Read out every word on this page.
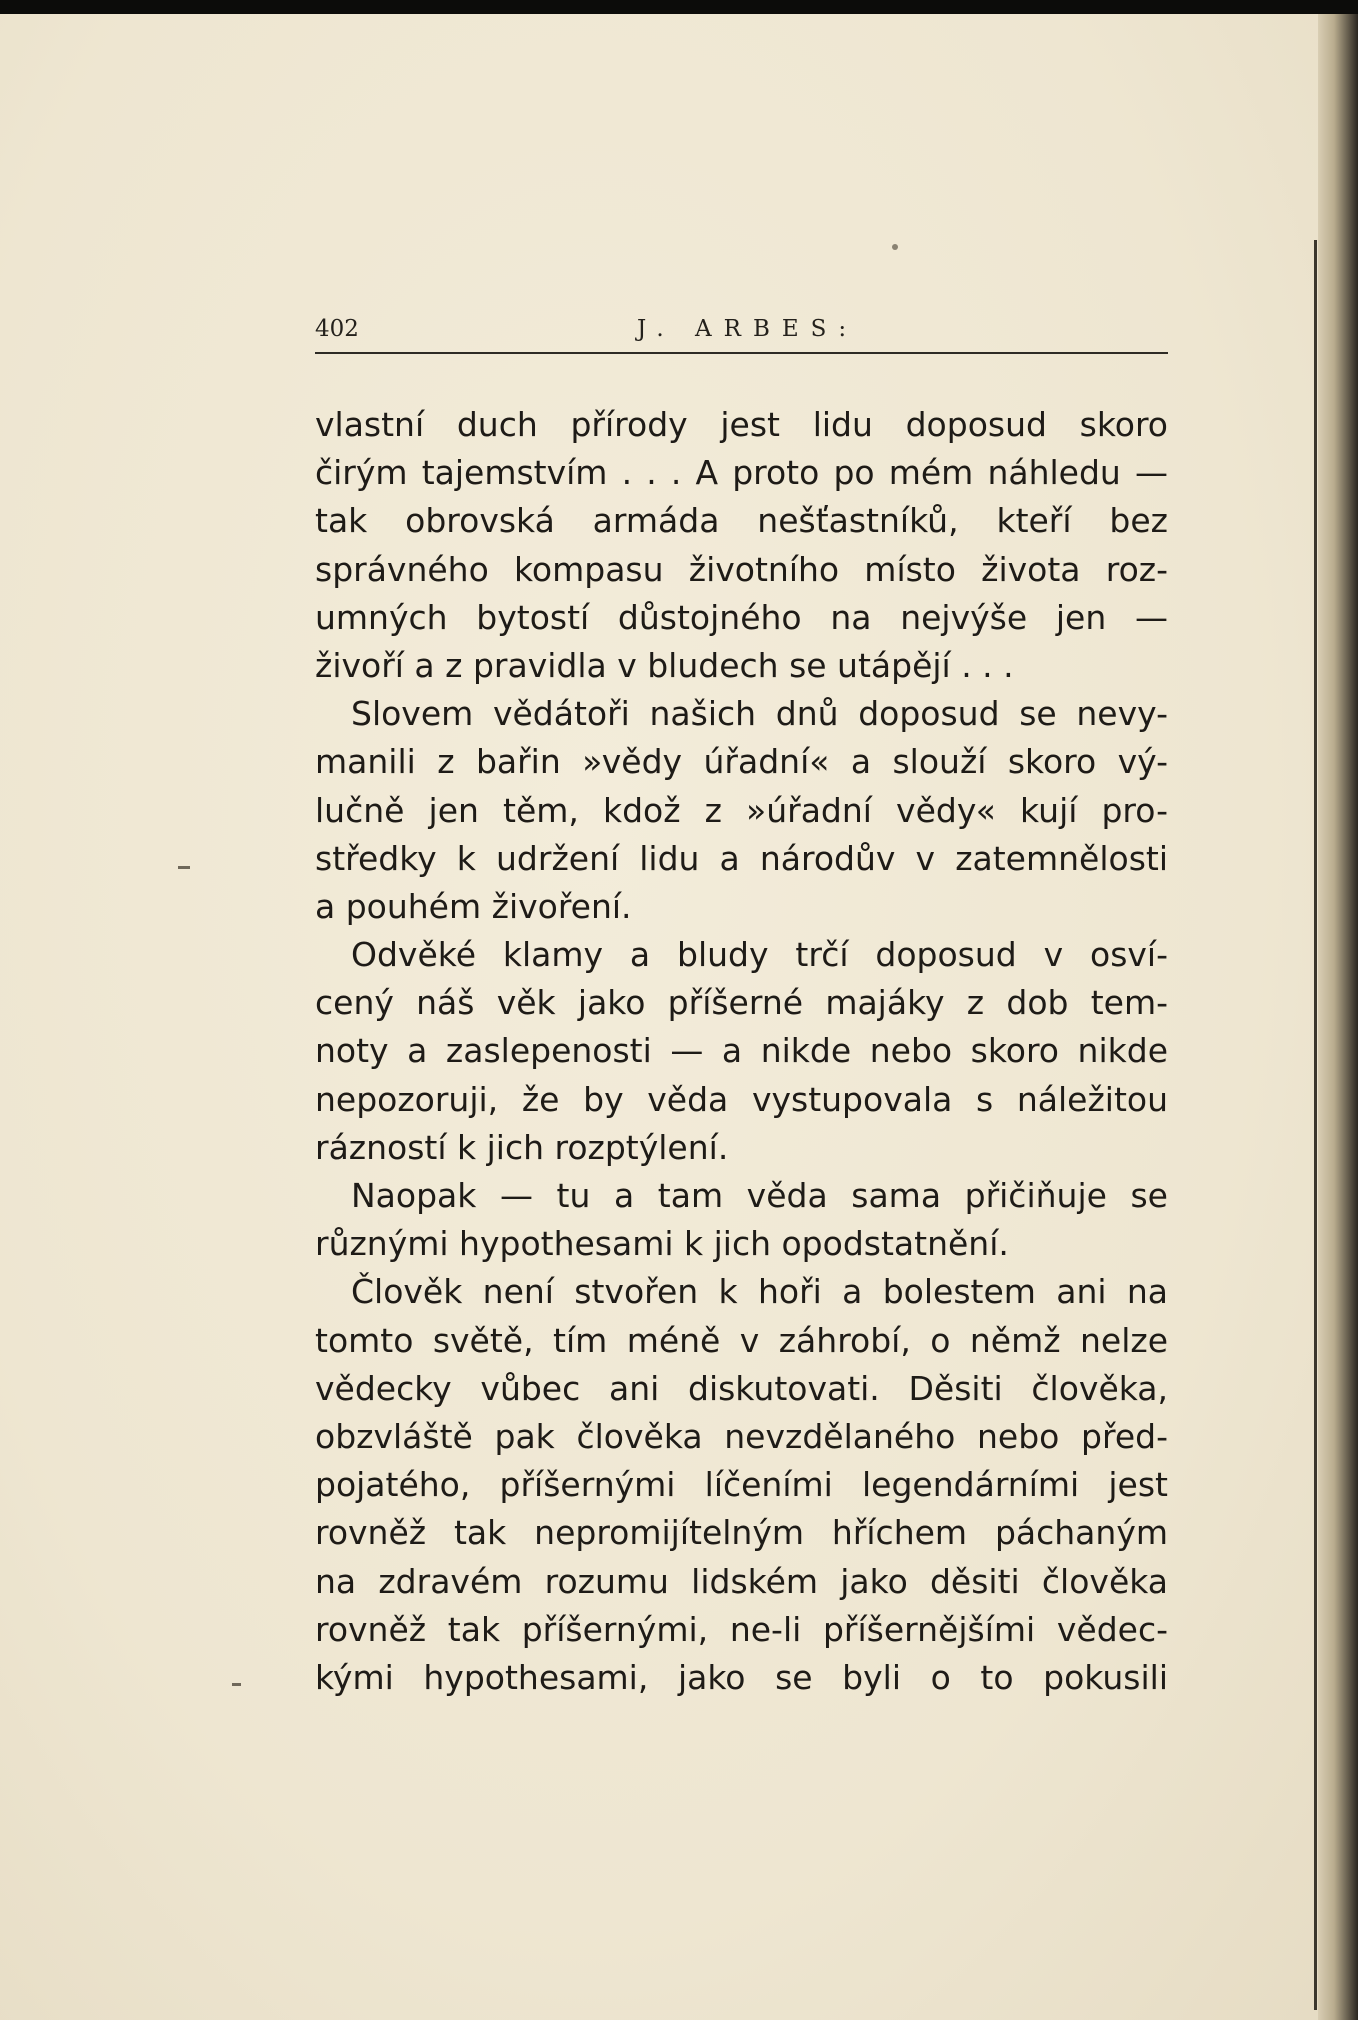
402	J. ARBES:
vlastní duch přírody jest lidu doposud skoro
čirým tajemstvím . . . A proto po mém náhledu —
tak obrovská armáda nešťastníků, kteří bez
správného kompasu životního místo života roz-
umných bytostí důstojného na nejvýše jen —
živoří a z pravidla v bludech se utápějí . . .
Slovem vědátoři našich dnů doposud se nevy-
manili z bařin »vědy úřadní« a slouží skoro vý-
lučně jen těm, kdož z »úřadní vědy« kují pro-
středky k udržení lidu a národův v zatemnělosti
a pouhém živoření.
Odvěké klamy a bludy trčí doposud v osví-
cený náš věk jako příšerné majáky z dob tem-
noty a zaslepenosti — a nikde nebo skoro nikde
nepozoruji, že by věda vystupovala s náležitou
rázností k jich rozptýlení.
Naopak — tu a tam věda sama přičiňuje se
různými hypothesami k jich opodstatnění.
Člověk není stvořen k hoři a bolestem ani na
tomto světě, tím méně v záhrobí, o němž nelze
vědecky vůbec ani diskutovati. Děsiti člověka,
obzvláště pak člověka nevzdělaného nebo před-
pojatého, příšernými líčeními legendárními jest
rovněž tak nepromijítelným hříchem páchaným
na zdravém rozumu lidském jako děsiti člověka
rovněž tak příšernými, ne-li příšernějšími vědec-
kými hypothesami, jako se byli o to pokusili
